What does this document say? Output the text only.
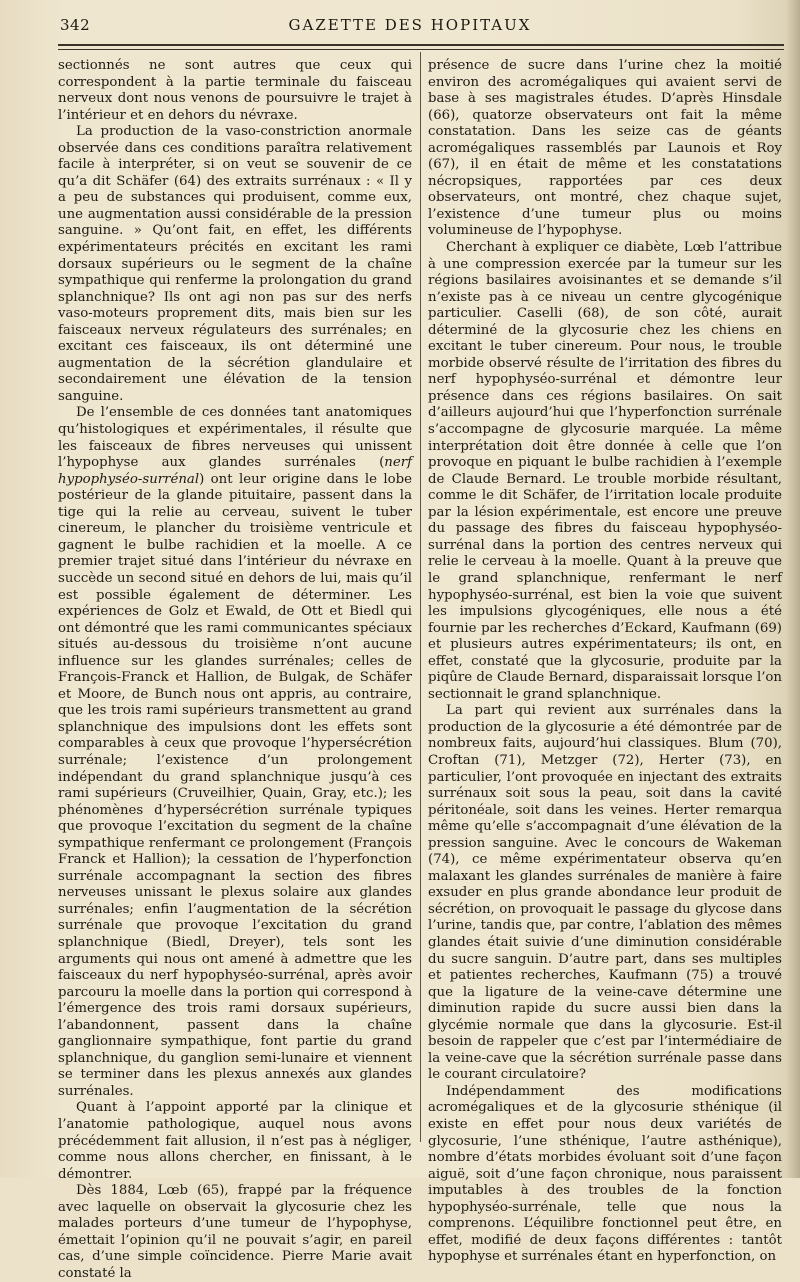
342	GAZETTE DES HOPITAUX

sectionnés ne sont autres que ceux qui correspondent à la partie terminale du faisceau nerveux dont nous venons de poursuivre le trajet à l’intérieur et en dehors du névraxe.

La production de la vaso-constriction anormale observée dans ces conditions paraîtra relativement facile à interpréter, si on veut se souvenir de ce qu’a dit Schäfer (64) des extraits surrénaux : « Il y a peu de substances qui produisent, comme eux, une augmentation aussi considérable de la pression sanguine. » Qu’ont fait, en effet, les différents expérimentateurs précités en excitant les rami dorsaux supérieurs ou le segment de la chaîne sympathique qui renferme la prolongation du grand splanchnique? Ils ont agi non pas sur des nerfs vaso-moteurs proprement dits, mais bien sur les faisceaux nerveux régulateurs des surrénales; en excitant ces faisceaux, ils ont déterminé une augmentation de la sécrétion glandulaire et secondairement une élévation de la tension sanguine.

De l’ensemble de ces données tant anatomiques qu’histologiques et expérimentales, il résulte que les faisceaux de fibres nerveuses qui unissent l’hypophyse aux glandes surrénales (nerf hypophyséo-surrénal) ont leur origine dans le lobe postérieur de la glande pituitaire, passent dans la tige qui la relie au cerveau, suivent le tuber cinereum, le plancher du troisième ventricule et gagnent le bulbe rachidien et la moelle. A ce premier trajet situé dans l’intérieur du névraxe en succède un second situé en dehors de lui, mais qu’il est possible également de déterminer. Les expériences de Golz et Ewald, de Ott et Biedl qui ont démontré que les rami communicantes spéciaux situés au-dessous du troisième n’ont aucune influence sur les glandes surrénales; celles de François-Franck et Hallion, de Bulgak, de Schäfer et Moore, de Bunch nous ont appris, au contraire, que les trois rami supérieurs transmettent au grand splanchnique des impulsions dont les effets sont comparables à ceux que provoque l’hypersécrétion surrénale; l’existence d’un prolongement indépendant du grand splanchnique jusqu’à ces rami supérieurs (Cruveilhier, Quain, Gray, etc.); les phénomènes d’hypersécrétion surrénale typiques que provoque l’excitation du segment de la chaîne sympathique renfermant ce prolongement (François Franck et Hallion); la cessation de l’hyperfonction surrénale accompagnant la section des fibres nerveuses unissant le plexus solaire aux glandes surrénales; enfin l’augmentation de la sécrétion surrénale que provoque l’excitation du grand splanchnique (Biedl, Dreyer), tels sont les arguments qui nous ont amené à admettre que les faisceaux du nerf hypophyséo-surrénal, après avoir parcouru la moelle dans la portion qui correspond à l’émergence des trois rami dorsaux supérieurs, l’abandonnent, passent dans la chaîne ganglionnaire sympathique, font partie du grand splanchnique, du ganglion semi-lunaire et viennent se terminer dans les plexus annexés aux glandes surrénales.

Quant à l’appoint apporté par la clinique et l’anatomie pathologique, auquel nous avons précédemment fait allusion, il n’est pas à négliger, comme nous allons chercher, en finissant, à le démontrer.

Dès 1884, Lœb (65), frappé par la fréquence avec laquelle on observait la glycosurie chez les malades porteurs d’une tumeur de l’hypophyse, émettait l’opinion qu’il ne pouvait s’agir, en pareil cas, d’une simple coïncidence. Pierre Marie avait constaté la

présence de sucre dans l’urine chez la moitié environ des acromégaliques qui avaient servi de base à ses magistrales études. D’après Hinsdale (66), quatorze observateurs ont fait la même constatation. Dans les seize cas de géants acromégaliques rassemblés par Launois et Roy (67), il en était de même et les constatations nécropsiques, rapportées par ces deux observateurs, ont montré, chez chaque sujet, l’existence d’une tumeur plus ou moins volumineuse de l’hypophyse.

Cherchant à expliquer ce diabète, Lœb l’attribue à une compression exercée par la tumeur sur les régions basilaires avoisinantes et se demande s’il n’existe pas à ce niveau un centre glycogénique particulier. Caselli (68), de son côté, aurait déterminé de la glycosurie chez les chiens en excitant le tuber cinereum. Pour nous, le trouble morbide observé résulte de l’irritation des fibres du nerf hypophyséo-surrénal et démontre leur présence dans ces régions basilaires. On sait d’ailleurs aujourd’hui que l’hyperfonction surrénale s’accompagne de glycosurie marquée. La même interprétation doit être donnée à celle que l’on provoque en piquant le bulbe rachidien à l’exemple de Claude Bernard. Le trouble morbide résultant, comme le dit Schäfer, de l’irritation locale produite par la lésion expérimentale, est encore une preuve du passage des fibres du faisceau hypophyséo-surrénal dans la portion des centres nerveux qui relie le cerveau à la moelle. Quant à la preuve que le grand splanchnique, renfermant le nerf hypophyséo-surrénal, est bien la voie que suivent les impulsions glycogéniques, elle nous a été fournie par les recherches d’Eckard, Kaufmann (69) et plusieurs autres expérimentateurs; ils ont, en effet, constaté que la glycosurie, produite par la piqûre de Claude Bernard, disparaissait lorsque l’on sectionnait le grand splanchnique.

La part qui revient aux surrénales dans la production de la glycosurie a été démontrée par de nombreux faits, aujourd’hui classiques. Blum (70), Croftan (71), Metzger (72), Herter (73), en particulier, l’ont provoquée en injectant des extraits surrénaux soit sous la peau, soit dans la cavité péritonéale, soit dans les veines. Herter remarqua même qu’elle s’accompagnait d’une élévation de la pression sanguine. Avec le concours de Wakeman (74), ce même expérimentateur observa qu’en malaxant les glandes surrénales de manière à faire exsuder en plus grande abondance leur produit de sécrétion, on provoquait le passage du glycose dans l’urine, tandis que, par contre, l’ablation des mêmes glandes était suivie d’une diminution considérable du sucre sanguin. D’autre part, dans ses multiples et patientes recherches, Kaufmann (75) a trouvé que la ligature de la veine-cave détermine une diminution rapide du sucre aussi bien dans la glycémie normale que dans la glycosurie. Est-il besoin de rappeler que c’est par l’intermédiaire de la veine-cave que la sécrétion surrénale passe dans le courant circulatoire?

Indépendamment des modifications acromégaliques et de la glycosurie sthénique (il existe en effet pour nous deux variétés de glycosurie, l’une sthénique, l’autre asthénique), nombre d’états morbides évoluant soit d’une façon aiguë, soit d’une façon chronique, nous paraissent imputables à des troubles de la fonction hypophyséo-surrénale, telle que nous la comprenons. L’équilibre fonctionnel peut être, en effet, modifié de deux façons différentes : tantôt hypophyse et surrénales étant en hyperfonction, on
